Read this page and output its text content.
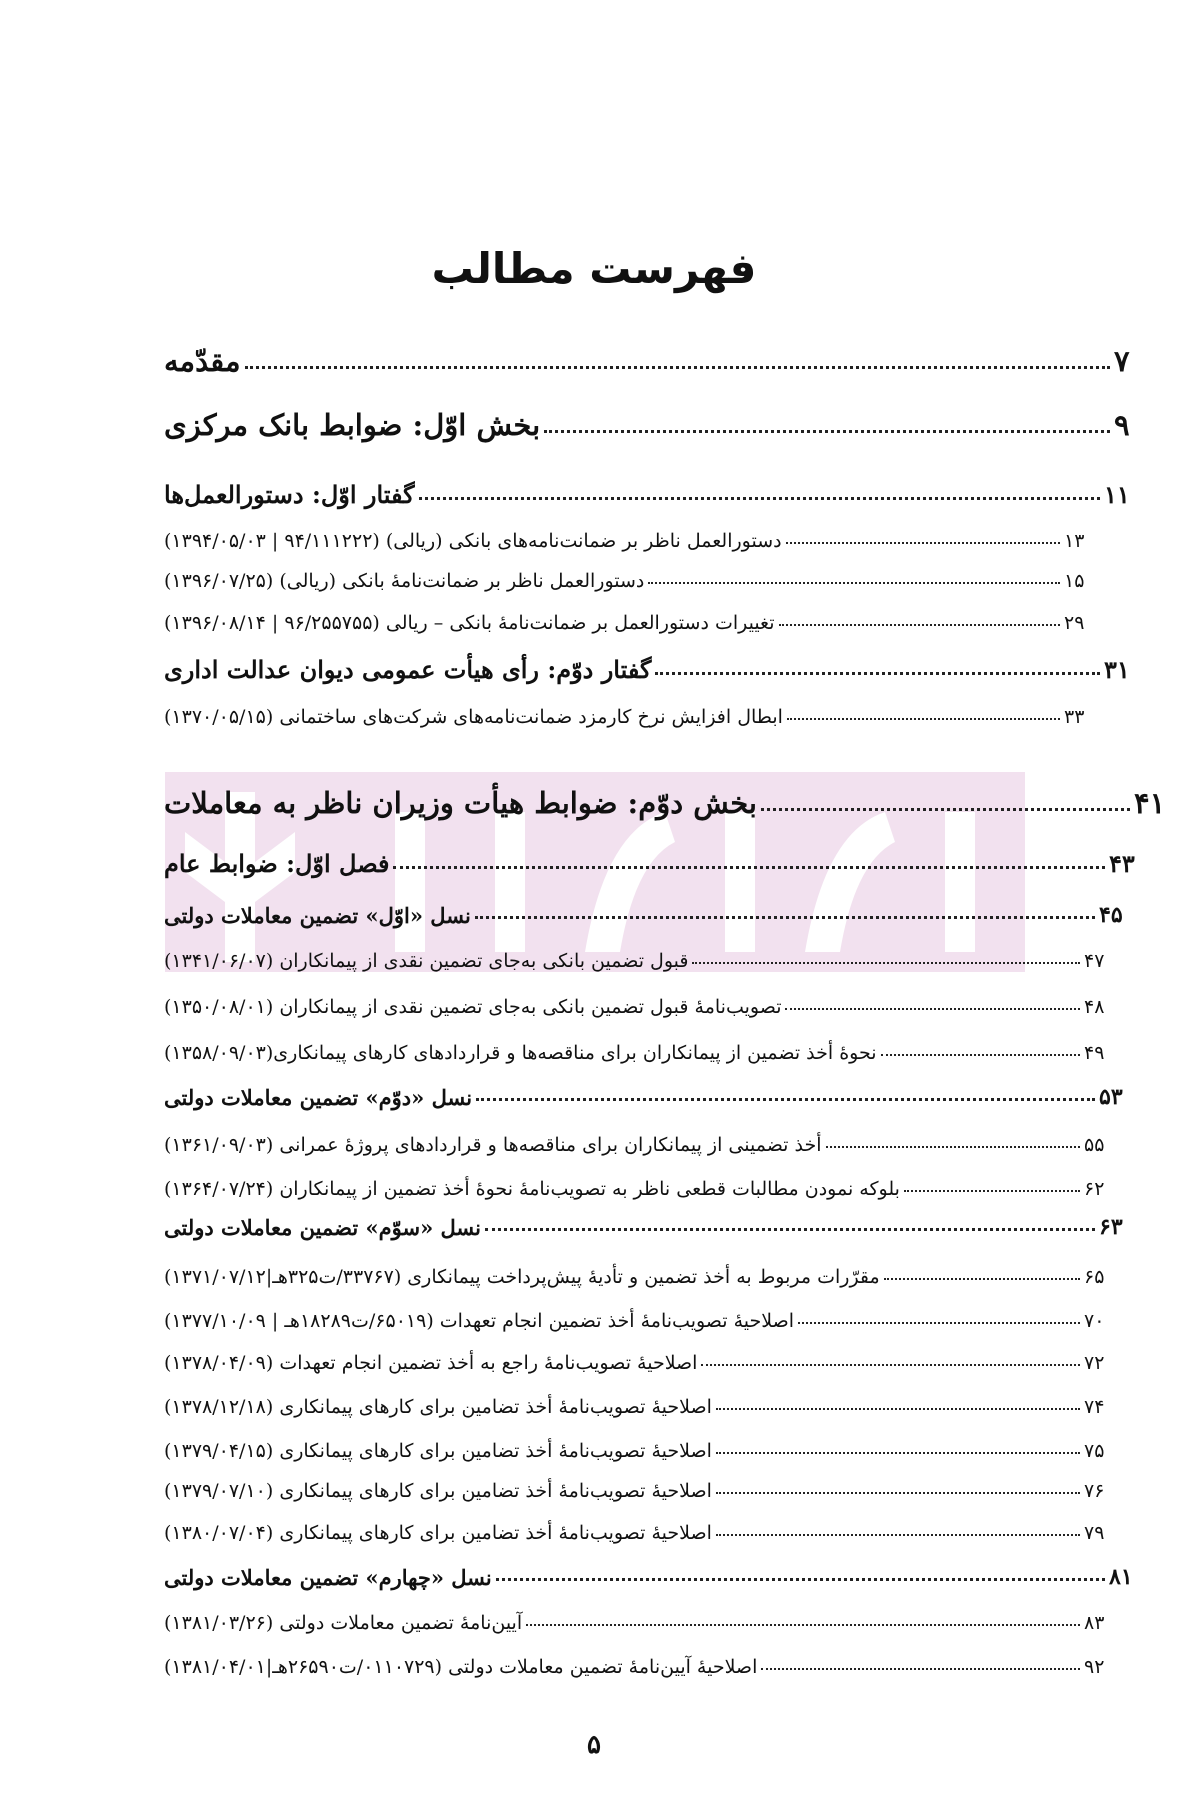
فهرست مطالب
مقدّمه	۷
بخش اوّل: ضوابط بانک مرکزی	۹
گفتار اوّل: دستورالعمل‌ها	۱۱
دستورالعمل ناظر بر ضمانت‌نامه‌های بانکی (ریالی) (۹۴/۱۱۱۲۲۲ | ۱۳۹۴/۰۵/۰۳)	۱۳
دستورالعمل ناظر بر ضمانت‌نامۀ بانکی (ریالی) (۱۳۹۶/۰۷/۲۵)	۱۵
تغییرات دستورالعمل بر ضمانت‌نامۀ بانکی – ریالی (۹۶/۲۵۵۷۵۵ | ۱۳۹۶/۰۸/۱۴)	۲۹
گفتار دوّم: رأی هیأت عمومی دیوان عدالت اداری	۳۱
ابطال افزایش نرخ کارمزد ضمانت‌نامه‌های شرکت‌های ساختمانی (۱۳۷۰/۰۵/۱۵)	۳۳
بخش دوّم: ضوابط هیأت وزیران ناظر به معاملات	۴۱
فصل اوّل: ضوابط عام	۴۳
نسل «اوّل» تضمین معاملات دولتی	۴۵
قبول تضمین بانکی به‌جای تضمین نقدی از پیمانکاران (۱۳۴۱/۰۶/۰۷)	۴۷
تصویب‌نامۀ قبول تضمین بانکی به‌جای تضمین نقدی از پیمانکاران (۱۳۵۰/۰۸/۰۱)	۴۸
نحوۀ أخذ تضمین از پیمانکاران برای مناقصه‌ها و قراردادهای کارهای پیمانکاری(۱۳۵۸/۰۹/۰۳)	۴۹
نسل «دوّم» تضمین معاملات دولتی	۵۳
أخذ تضمینی از پیمانکاران برای مناقصه‌ها و قراردادهای پروژۀ عمرانی (۱۳۶۱/۰۹/۰۳)	۵۵
بلوکه نمودن مطالبات قطعی ناظر به تصویب‌نامۀ نحوۀ أخذ تضمین از پیمانکاران (۱۳۶۴/۰۷/۲۴)	۶۲
نسل «سوّم» تضمین معاملات دولتی	۶۳
مقرّرات مربوط به أخذ تضمین و تأدیۀ پیش‌پرداخت پیمانکاری (۳۳۷۶۷/ت۳۲۵هـ|۱۳۷۱/۰۷/۱۲)	۶۵
اصلاحیۀ تصویب‌نامۀ أخذ تضمین انجام تعهدات (۶۵۰۱۹/ت۱۸۲۸۹هـ | ۱۳۷۷/۱۰/۰۹)	۷۰
اصلاحیۀ تصویب‌نامۀ راجع به أخذ تضمین انجام تعهدات (۱۳۷۸/۰۴/۰۹)	۷۲
اصلاحیۀ تصویب‌نامۀ أخذ تضامین برای کارهای پیمانکاری (۱۳۷۸/۱۲/۱۸)	۷۴
اصلاحیۀ تصویب‌نامۀ أخذ تضامین برای کارهای پیمانکاری (۱۳۷۹/۰۴/۱۵)	۷۵
اصلاحیۀ تصویب‌نامۀ أخذ تضامین برای کارهای پیمانکاری (۱۳۷۹/۰۷/۱۰)	۷۶
اصلاحیۀ تصویب‌نامۀ أخذ تضامین برای کارهای پیمانکاری (۱۳۸۰/۰۷/۰۴)	۷۹
نسل «چهارم» تضمین معاملات دولتی	۸۱
آیین‌نامۀ تضمین معاملات دولتی (۱۳۸۱/۰۳/۲۶)	۸۳
اصلاحیۀ آیین‌نامۀ تضمین معاملات دولتی (۰۱۱۰۷۲۹/ت۲۶۵۹۰هـ|۱۳۸۱/۰۴/۰۱)	۹۲
۵
